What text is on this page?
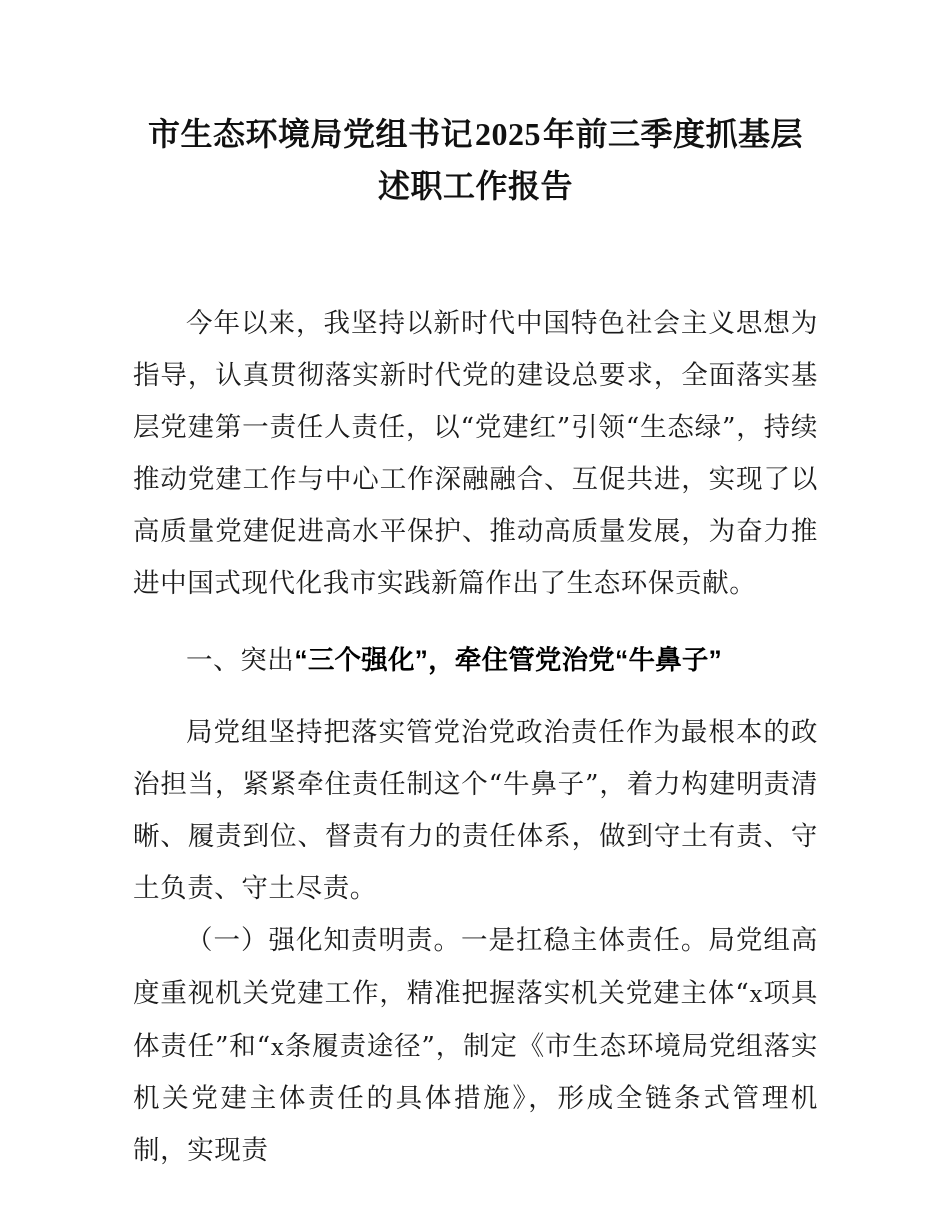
市生态环境局党组书记2025年前三季度抓基层述职工作报告

今年以来，我坚持以新时代中国特色社会主义思想为指导，认真贯彻落实新时代党的建设总要求，全面落实基层党建第一责任人责任，以“党建红”引领“生态绿”，持续推动党建工作与中心工作深融融合、互促共进，实现了以高质量党建促进高水平保护、推动高质量发展，为奋力推进中国式现代化我市实践新篇作出了生态环保贡献。

一、突出“三个强化”，牵住管党治党“牛鼻子”

局党组坚持把落实管党治党政治责任作为最根本的政治担当，紧紧牵住责任制这个“牛鼻子”，着力构建明责清晰、履责到位、督责有力的责任体系，做到守土有责、守土负责、守土尽责。

（一）强化知责明责。一是扛稳主体责任。局党组高度重视机关党建工作，精准把握落实机关党建主体“x项具体责任”和“x条履责途径”，制定《市生态环境局党组落实机关党建主体责任的具体措施》，形成全链条式管理机制，实现责
